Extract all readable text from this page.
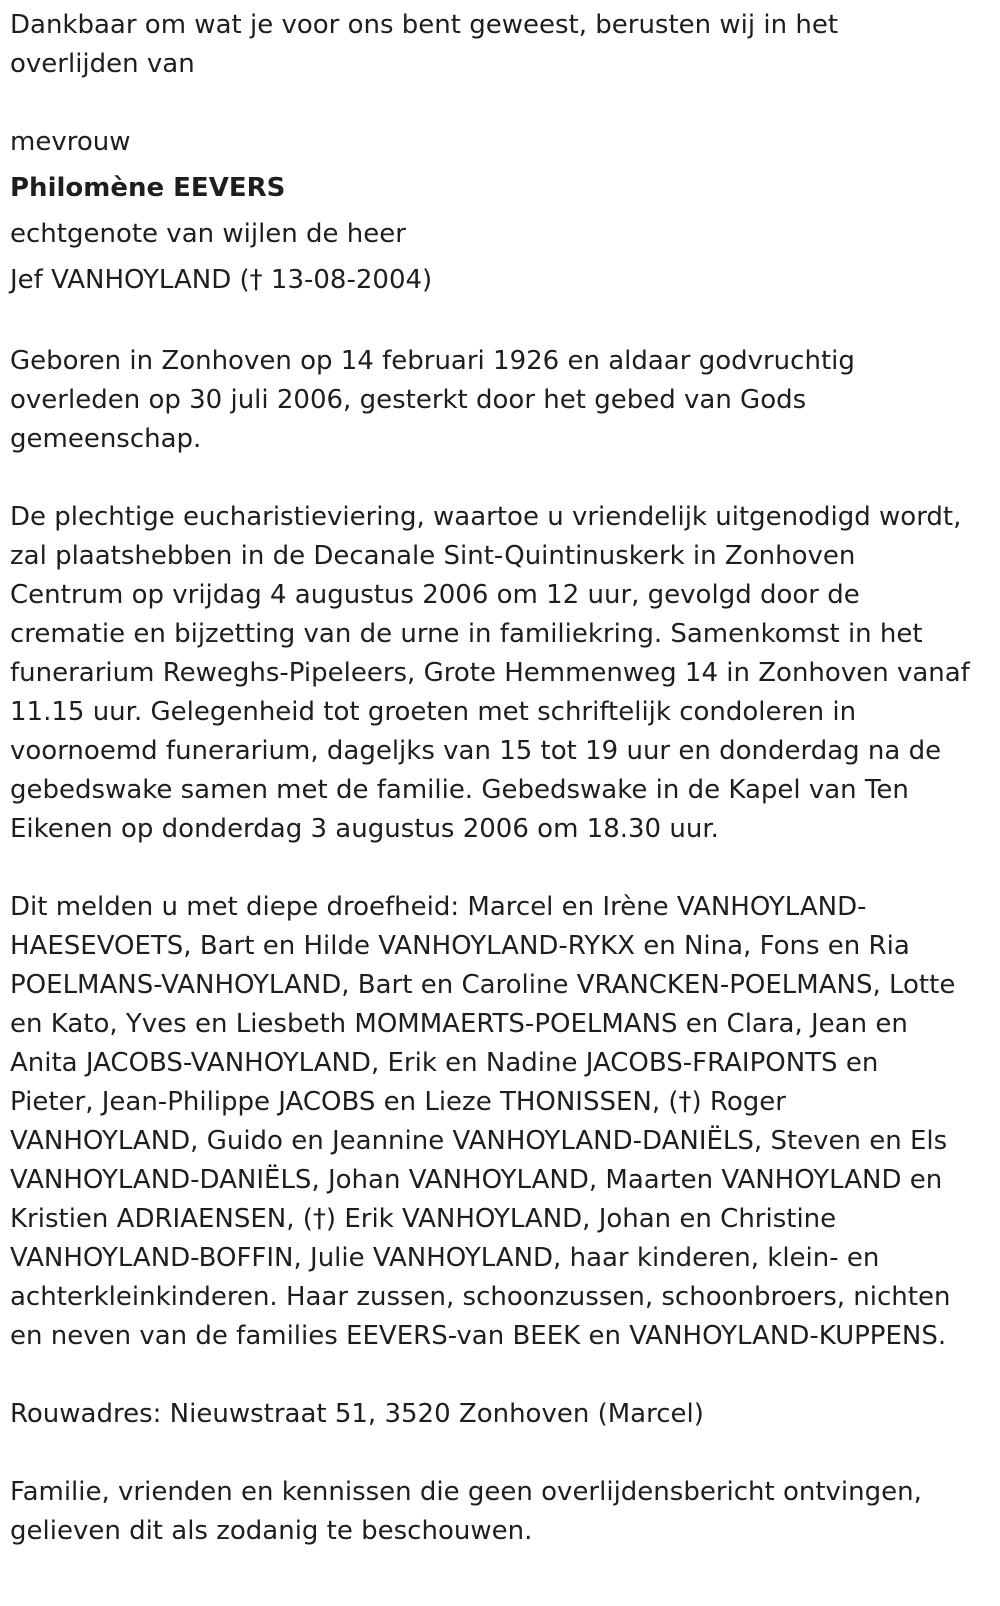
Dankbaar om wat je voor ons bent geweest, berusten wij in het overlijden van

mevrouw
Philomène EEVERS
echtgenote van wijlen de heer
Jef VANHOYLAND († 13-08-2004)

Geboren in Zonhoven op 14 februari 1926 en aldaar godvruchtig overleden op 30 juli 2006, gesterkt door het gebed van Gods gemeenschap.

De plechtige eucharistieviering, waartoe u vriendelijk uitgenodigd wordt, zal plaatshebben in de Decanale Sint-Quintinuskerk in Zonhoven Centrum op vrijdag 4 augustus 2006 om 12 uur, gevolgd door de crematie en bijzetting van de urne in familiekring. Samenkomst in het funerarium Reweghs-Pipeleers, Grote Hemmenweg 14 in Zonhoven vanaf 11.15 uur. Gelegenheid tot groeten met schriftelijk condoleren in voornoemd funerarium, dageljks van 15 tot 19 uur en donderdag na de gebedswake samen met de familie. Gebedswake in de Kapel van Ten Eikenen op donderdag 3 augustus 2006 om 18.30 uur.

Dit melden u met diepe droefheid: Marcel en Irène VANHOYLAND-HAESEVOETS, Bart en Hilde VANHOYLAND-RYKX en Nina, Fons en Ria POELMANS-VANHOYLAND, Bart en Caroline VRANCKEN-POELMANS, Lotte en Kato, Yves en Liesbeth MOMMAERTS-POELMANS en Clara, Jean en Anita JACOBS-VANHOYLAND, Erik en Nadine JACOBS-FRAIPONTS en Pieter, Jean-Philippe JACOBS en Lieze THONISSEN, (†) Roger VANHOYLAND, Guido en Jeannine VANHOYLAND-DANIËLS, Steven en Els VANHOYLAND-DANIËLS, Johan VANHOYLAND, Maarten VANHOYLAND en Kristien ADRIAENSEN, (†) Erik VANHOYLAND, Johan en Christine VANHOYLAND-BOFFIN, Julie VANHOYLAND, haar kinderen, klein- en achterkleinkinderen. Haar zussen, schoonzussen, schoonbroers, nichten en neven van de families EEVERS-van BEEK en VANHOYLAND-KUPPENS.

Rouwadres: Nieuwstraat 51, 3520 Zonhoven (Marcel)

Familie, vrienden en kennissen die geen overlijdensbericht ontvingen, gelieven dit als zodanig te beschouwen.
